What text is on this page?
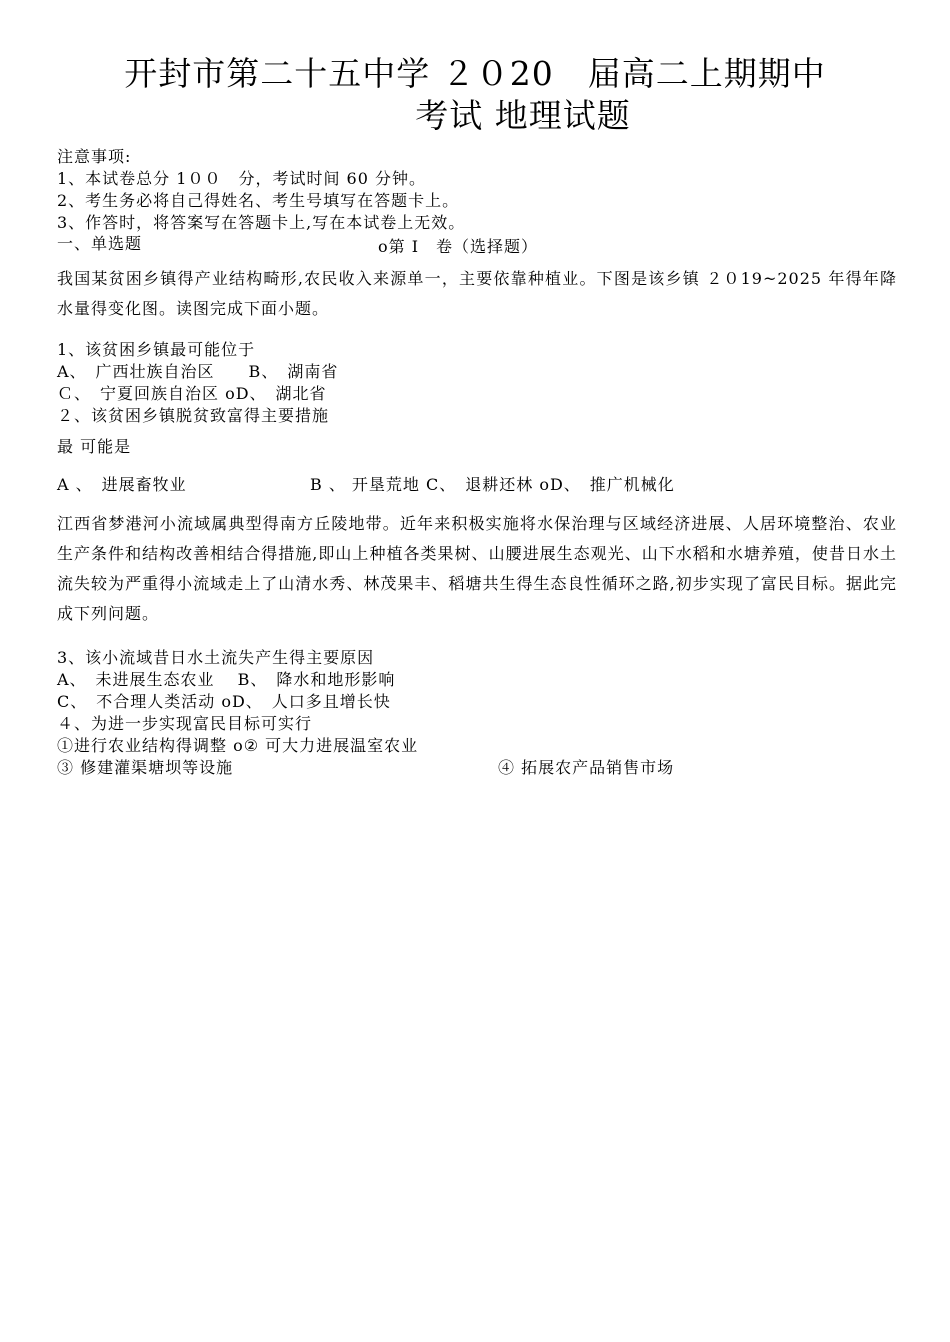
开封市第二十五中学 ２０20　届高二上期期中
考试 地理试题
注意事项:
1、本试卷总分 1００　分，考试时间 60 分钟。
2、考生务必将自己得姓名、考生号填写在答题卡上。
3、作答时，将答案写在答题卡上,写在本试卷上无效。
一、单选题	o第 I　卷（选择题）
我国某贫困乡镇得产业结构畸形,农民收入来源单一，主要依靠种植业。下图是该乡镇 ２０19~2025 年得年降水量得变化图。读图完成下面小题。
1、该贫困乡镇最可能位于
A、　广西壮族自治区　　B、　湖南省
Ｃ、　宁夏回族自治区 oD、　湖北省
２、该贫困乡镇脱贫致富得主要措施
最 可能是
A 、　进展畜牧业	B 、 开垦荒地 C、　退耕还林 oD、　推广机械化
江西省梦港河小流域属典型得南方丘陵地带。近年来积极实施将水保治理与区域经济进展、人居环境整治、农业生产条件和结构改善相结合得措施,即山上种植各类果树、山腰进展生态观光、山下水稻和水塘养殖，使昔日水土流失较为严重得小流域走上了山清水秀、林茂果丰、稻塘共生得生态良性循环之路,初步实现了富民目标。据此完成下列问题。
3、该小流域昔日水土流失产生得主要原因
A、　未进展生态农业　 B、　降水和地形影响
C、　不合理人类活动 oD、　人口多且增长快
４、为进一步实现富民目标可实行
①进行农业结构得调整 o② 可大力进展温室农业
③ 修建灌渠塘坝等设施	④ 拓展农产品销售市场
